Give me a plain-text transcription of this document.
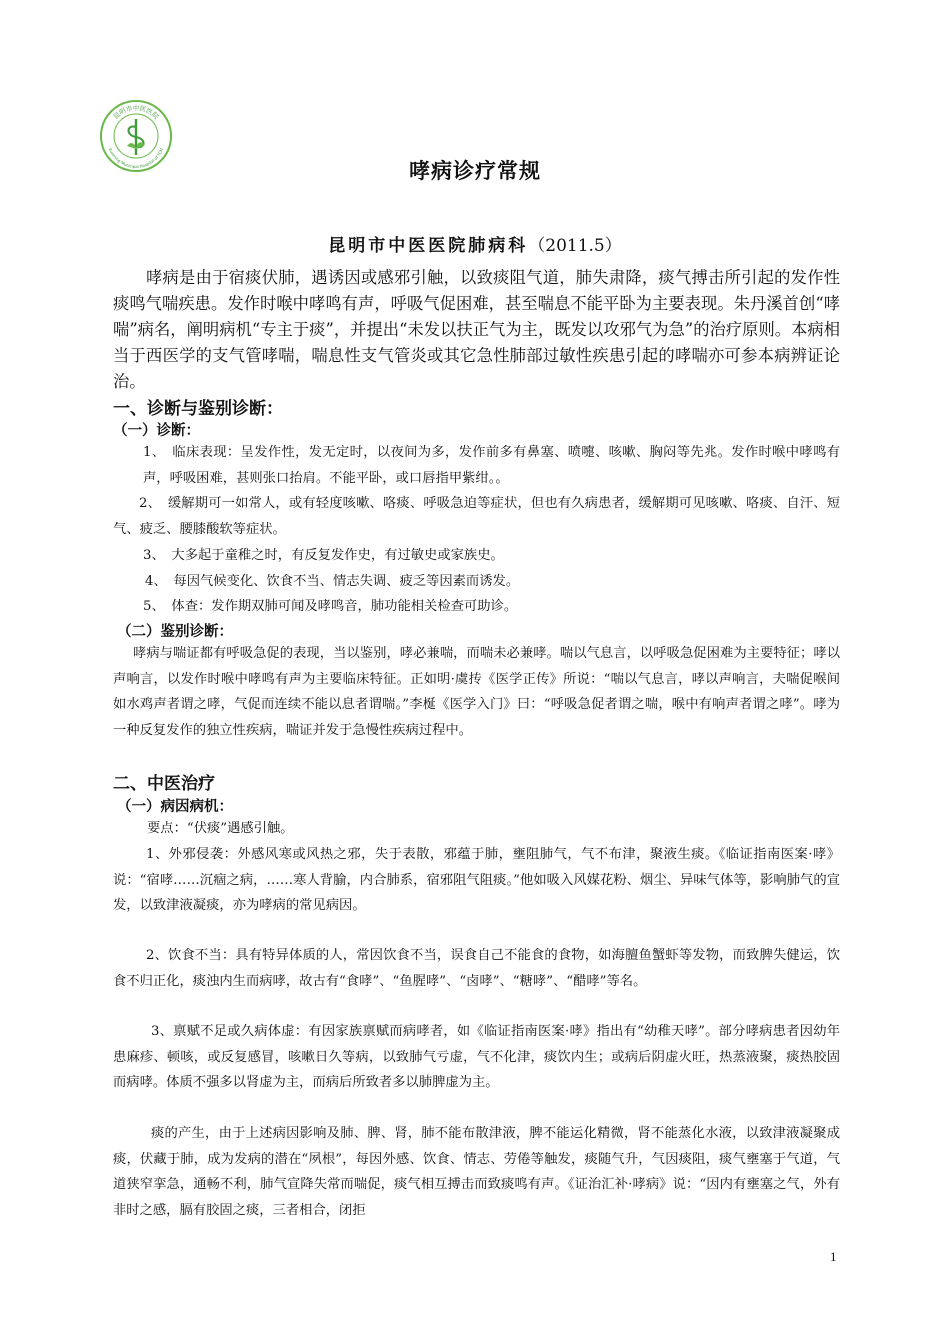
昆明市中医医院
Kunming Municipal Hospital of TCM
哮病诊疗常规
昆明市中医医院肺病科（2011.5）

哮病是由于宿痰伏肺，遇诱因或感邪引触，以致痰阻气道，肺失肃降，痰气搏击所引起的发作性痰鸣气喘疾患。发作时喉中哮鸣有声，呼吸气促困难，甚至喘息不能平卧为主要表现。朱丹溪首创“哮喘”病名，阐明病机“专主于痰”，并提出“未发以扶正气为主，既发以攻邪气为急”的治疗原则。本病相当于西医学的支气管哮喘，喘息性支气管炎或其它急性肺部过敏性疾患引起的哮喘亦可参本病辨证论治。

一、诊断与鉴别诊断：
（一）诊断：

1、　临床表现：呈发作性，发无定时，以夜间为多，发作前多有鼻塞、喷嚏、咳嗽、胸闷等先兆。发作时喉中哮鸣有声，呼吸困难，甚则张口抬肩。不能平卧，或口唇指甲紫绀。。

2、　缓解期可一如常人，或有轻度咳嗽、咯痰、呼吸急迫等症状，但也有久病患者，缓解期可见咳嗽、咯痰、自汗、短气、疲乏、腰膝酸软等症状。

3、　大多起于童稚之时，有反复发作史，有过敏史或家族史。

4、　每因气候变化、饮食不当、情志失调、疲乏等因素而诱发。

5、　体查：发作期双肺可闻及哮鸣音，肺功能相关检查可助诊。

（二）鉴别诊断：

哮病与喘证都有呼吸急促的表现，当以鉴别，哮必兼喘，而喘未必兼哮。喘以气息言，以呼吸急促困难为主要特征；哮以声响言，以发作时喉中哮鸣有声为主要临床特征。正如明·虞抟《医学正传》所说：“喘以气息言，哮以声响言，夫喘促喉间如水鸡声者谓之哮，气促而连续不能以息者谓喘。”李梴《医学入门》曰：“呼吸急促者谓之喘，喉中有响声者谓之哮”。哮为一种反复发作的独立性疾病，喘证并发于急慢性疾病过程中。

二、中医治疗
（一）病因病机：

要点：“伏痰”遇感引触。

1、外邪侵袭：外感风寒或风热之邪，失于表散，邪蕴于肺，壅阻肺气，气不布津，聚液生痰。《临证指南医案·哮》说：“宿哮……沉痼之病，……寒人背腧，内合肺系，宿邪阻气阻痰。”他如吸入风媒花粉、烟尘、异味气体等，影响肺气的宣发，以致津液凝痰，亦为哮病的常见病因。

2、饮食不当：具有特异体质的人，常因饮食不当，误食自己不能食的食物，如海膻鱼蟹虾等发物，而致脾失健运，饮食不归正化，痰浊内生而病哮，故古有“食哮”、“鱼腥哮”、“卤哮”、“糖哮”、“醋哮”等名。

3、禀赋不足或久病体虚：有因家族禀赋而病哮者，如《临证指南医案·哮》指出有“幼稚天哮”。部分哮病患者因幼年患麻疹、顿咳，或反复感冒，咳嗽日久等病，以致肺气亏虚，气不化津，痰饮内生；或病后阴虚火旺，热蒸液聚，痰热胶固而病哮。体质不强多以肾虚为主，而病后所致者多以肺脾虚为主。

痰的产生，由于上述病因影响及肺、脾、肾，肺不能布散津液，脾不能运化精微，肾不能蒸化水液，以致津液凝聚成痰，伏藏于肺，成为发病的潜在“夙根”，每因外感、饮食、情志、劳倦等触发，痰随气升，气因痰阻，痰气壅塞于气道，气道狭窄挛急，通畅不利，肺气宣降失常而喘促，痰气相互搏击而致痰鸣有声。《证治汇补·哮病》说：“因内有壅塞之气，外有非时之感，膈有胶固之痰，三者相合，闭拒

1
